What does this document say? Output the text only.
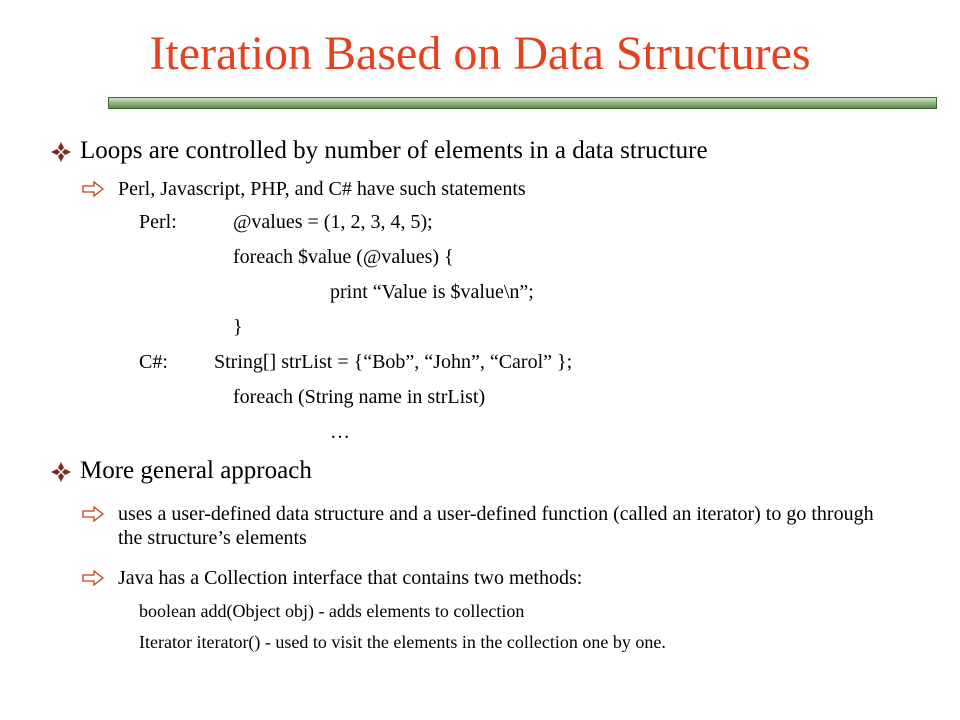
Iteration Based on Data Structures
Loops are controlled by number of elements in a data structure
Perl, Javascript, PHP, and C# have such statements
Perl:	@values = (1, 2, 3, 4, 5);
foreach $value (@values) {
print “Value is $value\n”;
}
C#: String[] strList = {“Bob”, “John”, “Carol” };
foreach (String name in strList)
…
More general approach
uses a user-defined data structure and a user-defined function (called an iterator) to go through the structure’s elements
Java has a Collection interface that contains two methods:
boolean add(Object obj) - adds elements to collection
Iterator iterator() - used to visit the elements in the collection one by one.
